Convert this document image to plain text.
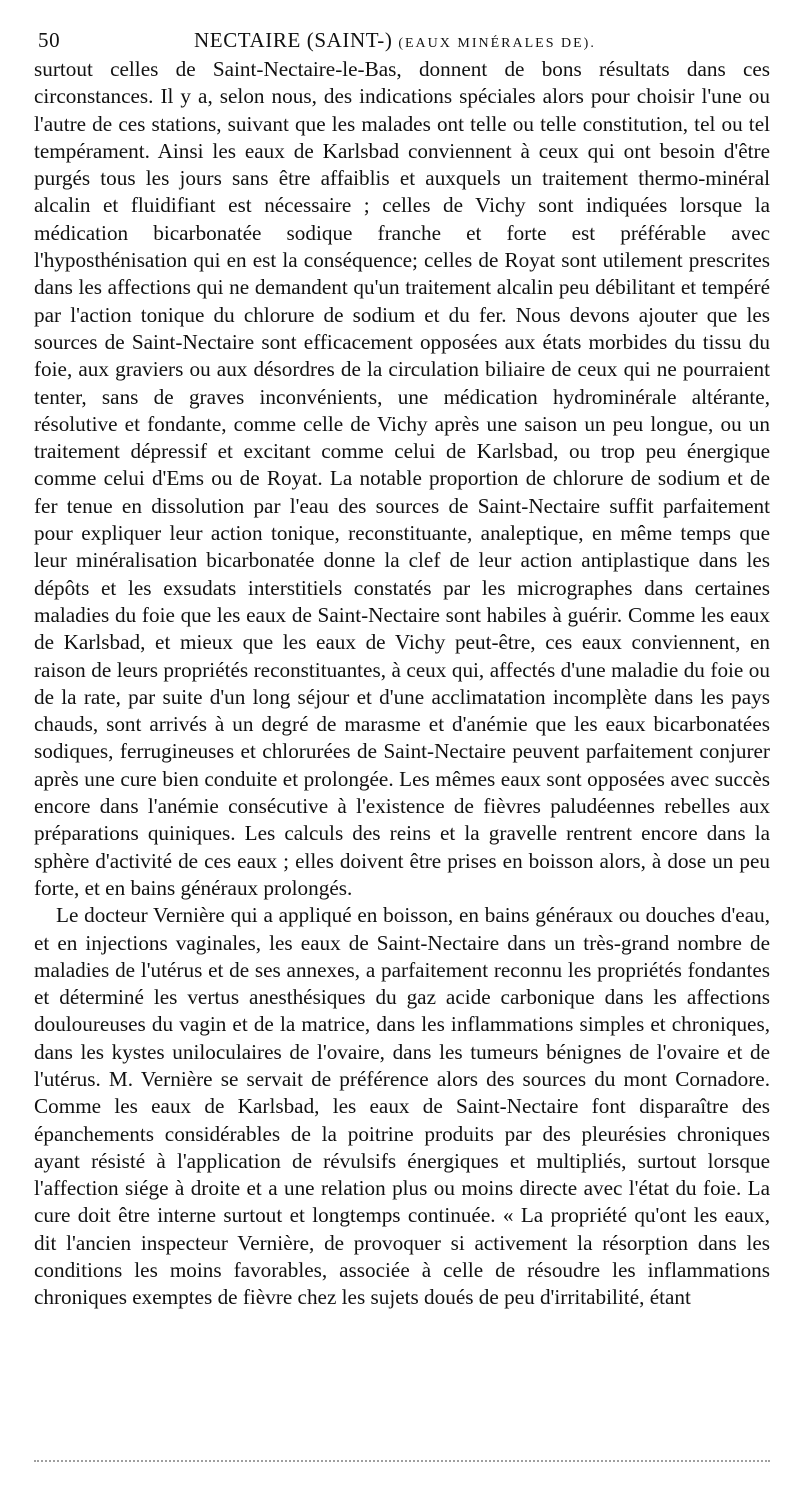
50	NECTAIRE (SAINT-) (EAUX MINÉRALES DE).

surtout celles de Saint-Nectaire-le-Bas, donnent de bons résultats dans ces circonstances. Il y a, selon nous, des indications spéciales alors pour choisir l'une ou l'autre de ces stations, suivant que les malades ont telle ou telle constitution, tel ou tel tempérament. Ainsi les eaux de Karlsbad conviennent à ceux qui ont besoin d'être purgés tous les jours sans être affaiblis et auxquels un traitement thermo-minéral alcalin et fluidifiant est nécessaire ; celles de Vichy sont indiquées lorsque la médication bicarbonatée sodique franche et forte est préférable avec l'hyposthénisation qui en est la conséquence; celles de Royat sont utilement prescrites dans les affections qui ne demandent qu'un traitement alcalin peu débilitant et tempéré par l'action tonique du chlorure de sodium et du fer. Nous devons ajouter que les sources de Saint-Nectaire sont efficacement opposées aux états morbides du tissu du foie, aux graviers ou aux désordres de la circulation biliaire de ceux qui ne pourraient tenter, sans de graves inconvénients, une médication hydrominérale altérante, résolutive et fondante, comme celle de Vichy après une saison un peu longue, ou un traitement dépressif et excitant comme celui de Karlsbad, ou trop peu énergique comme celui d'Ems ou de Royat. La notable proportion de chlorure de sodium et de fer tenue en dissolution par l'eau des sources de Saint-Nectaire suffit parfaitement pour expliquer leur action tonique, reconstituante, analeptique, en même temps que leur minéralisation bicarbonatée donne la clef de leur action antiplastique dans les dépôts et les exsudats interstitiels constatés par les micrographes dans certaines maladies du foie que les eaux de Saint-Nectaire sont habiles à guérir. Comme les eaux de Karlsbad, et mieux que les eaux de Vichy peut-être, ces eaux conviennent, en raison de leurs propriétés reconstituantes, à ceux qui, affectés d'une maladie du foie ou de la rate, par suite d'un long séjour et d'une acclimatation incomplète dans les pays chauds, sont arrivés à un degré de marasme et d'anémie que les eaux bicarbonatées sodiques, ferrugineuses et chlorurées de Saint-Nectaire peuvent parfaitement conjurer après une cure bien conduite et prolongée. Les mêmes eaux sont opposées avec succès encore dans l'anémie consécutive à l'existence de fièvres paludéennes rebelles aux préparations quiniques. Les calculs des reins et la gravelle rentrent encore dans la sphère d'activité de ces eaux ; elles doivent être prises en boisson alors, à dose un peu forte, et en bains généraux prolongés.

Le docteur Vernière qui a appliqué en boisson, en bains généraux ou douches d'eau, et en injections vaginales, les eaux de Saint-Nectaire dans un très-grand nombre de maladies de l'utérus et de ses annexes, a parfaitement reconnu les propriétés fondantes et déterminé les vertus anesthésiques du gaz acide carbonique dans les affections douloureuses du vagin et de la matrice, dans les inflammations simples et chroniques, dans les kystes uniloculaires de l'ovaire, dans les tumeurs bénignes de l'ovaire et de l'utérus. M. Vernière se servait de préférence alors des sources du mont Cornadore. Comme les eaux de Karlsbad, les eaux de Saint-Nectaire font disparaître des épanchements considérables de la poitrine produits par des pleurésies chroniques ayant résisté à l'application de révulsifs énergiques et multipliés, surtout lorsque l'affection siége à droite et a une relation plus ou moins directe avec l'état du foie. La cure doit être interne surtout et longtemps continuée. « La propriété qu'ont les eaux, dit l'ancien inspecteur Vernière, de provoquer si activement la résorption dans les conditions les moins favorables, associée à celle de résoudre les inflammations chroniques exemptes de fièvre chez les sujets doués de peu d'irritabilité, étant
